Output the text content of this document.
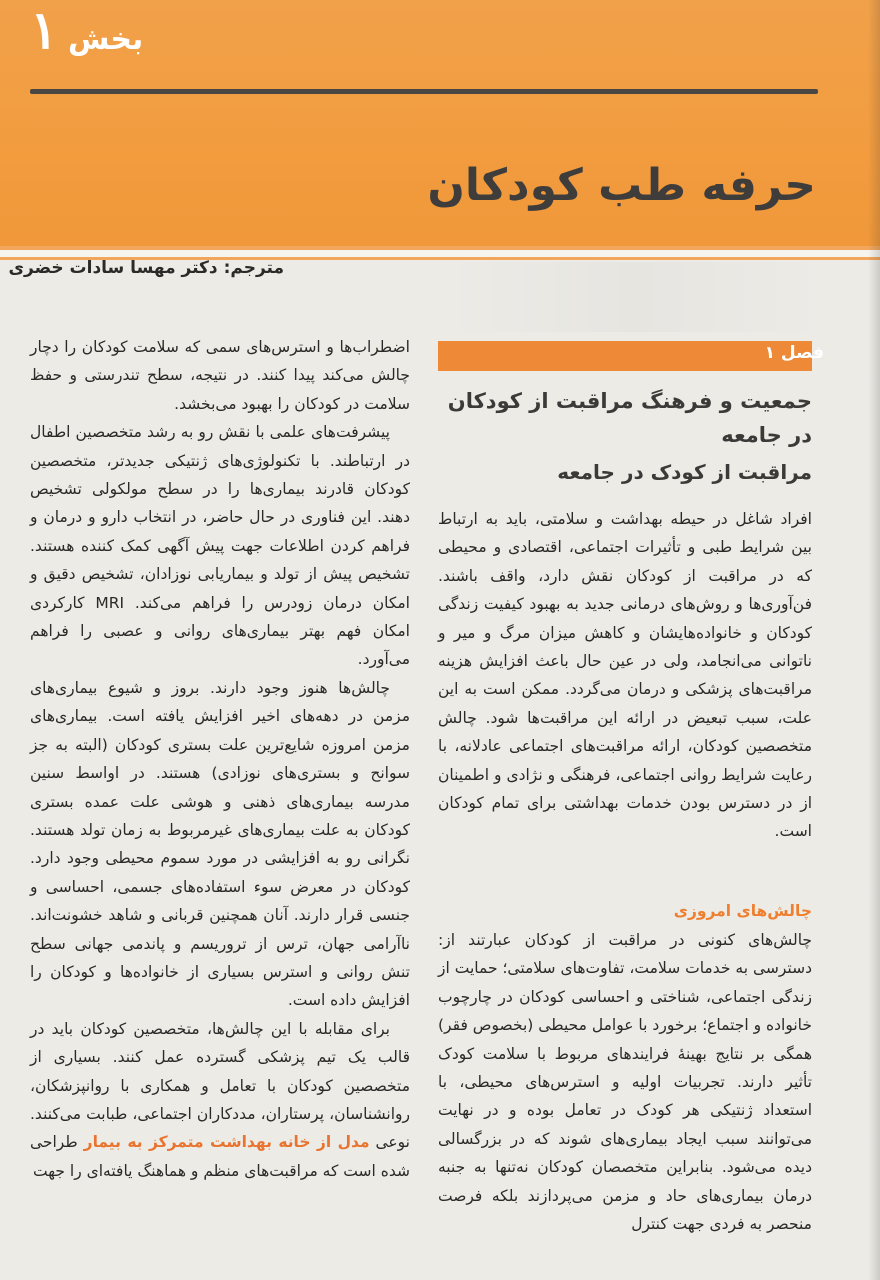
۱ بخش
حرفه طب کودکان
مترجم: دکتر مهسا سادات خضری
فصل ۱
جمعیت و فرهنگ مراقبت از کودکان در جامعه
مراقبت از کودک در جامعه

افراد شاغل در حیطه بهداشت و سلامتی، باید به ارتباط بین شرایط طبی و تأثیرات اجتماعی، اقتصادی و محیطی که در مراقبت از کودکان نقش دارد، واقف باشند. فن‌آوری‌ها و روش‌های درمانی جدید به بهبود کیفیت زندگی کودکان و خانواده‌هایشان و کاهش میزان مرگ و میر و ناتوانی می‌انجامد، ولی در عین حال باعث افزایش هزینه مراقبت‌های پزشکی و درمان می‌گردد. ممکن است به این علت، سبب تبعیض در ارائه این مراقبت‌ها شود. چالش متخصصین کودکان، ارائه مراقبت‌های اجتماعی عادلانه، با رعایت شرایط روانی اجتماعی، فرهنگی و نژادی و اطمینان از در دسترس بودن خدمات بهداشتی برای تمام کودکان است.

چالش‌های امروزی

چالش‌های کنونی در مراقبت از کودکان عبارتند از: دسترسی به خدمات سلامت، تفاوت‌های سلامتی؛ حمایت از زندگی اجتماعی، شناختی و احساسی کودکان در چارچوب خانواده و اجتماع؛ برخورد با عوامل محیطی (بخصوص فقر) همگی بر نتایج بهینهٔ فرایندهای مربوط با سلامت کودک تأثیر دارند. تجربیات اولیه و استرس‌های محیطی، با استعداد ژنتیکی هر کودک در تعامل بوده و در نهایت می‌توانند سبب ایجاد بیماری‌های شوند که در بزرگسالی دیده می‌شود. بنابراین متخصصان کودکان نه‌تنها به جنبه درمان بیماری‌های حاد و مزمن می‌پردازند بلکه فرصت منحصر به فردی جهت کنترل

اضطراب‌ها و استرس‌های سمی که سلامت کودکان را دچار چالش می‌کند پیدا کنند. در نتیجه، سطح تندرستی و حفظ سلامت در کودکان را بهبود می‌بخشد.

پیشرفت‌های علمی با نقش رو به رشد متخصصین اطفال در ارتباطند. با تکنولوژی‌های ژنتیکی جدیدتر، متخصصین کودکان قادرند بیماری‌ها را در سطح مولکولی تشخیص دهند. این فناوری در حال حاضر، در انتخاب دارو و درمان و فراهم کردن اطلاعات جهت پیش آگهی کمک کننده هستند. تشخیص پیش از تولد و بیماریابی نوزادان، تشخیص دقیق و امکان درمان زودرس را فراهم می‌کند. MRI کارکردی امکان فهم بهتر بیماری‌های روانی و عصبی را فراهم می‌آورد.

چالش‌ها هنوز وجود دارند. بروز و شیوع بیماری‌های مزمن در دهه‌های اخیر افزایش یافته است. بیماری‌های مزمن امروزه شایع‌ترین علت بستری کودکان (البته به جز سوانح و بستری‌های نوزادی) هستند. در اواسط سنین مدرسه بیماری‌های ذهنی و هوشی علت عمده بستری کودکان به علت بیماری‌های غیرمربوط به زمان تولد هستند. نگرانی رو به افزایشی در مورد سموم محیطی وجود دارد. کودکان در معرض سوء استفاده‌های جسمی، احساسی و جنسی قرار دارند. آنان همچنین قربانی و شاهد خشونت‌اند. ناآرامی جهان، ترس از تروریسم و پاندمی جهانی سطح تنش روانی و استرس بسیاری از خانواده‌ها و کودکان را افزایش داده است.

برای مقابله با این چالش‌ها، متخصصین کودکان باید در قالب یک تیم پزشکی گسترده عمل کنند. بسیاری از متخصصین کودکان با تعامل و همکاری با روانپزشکان، روانشناسان، پرستاران، مددکاران اجتماعی، طبابت می‌کنند. نوعی مدل از خانه بهداشت متمرکز به بیمار طراحی شده است که مراقبت‌های منظم و هماهنگ یافته‌ای را جهت
